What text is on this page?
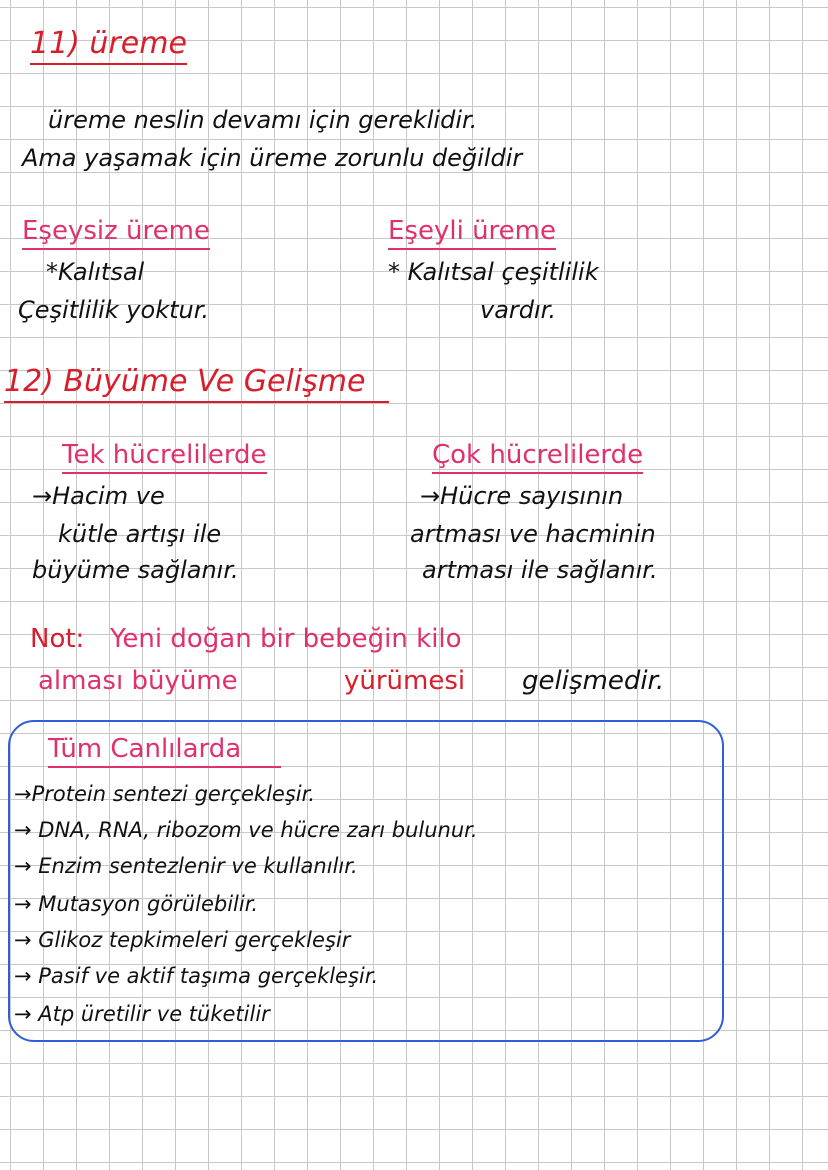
11) üreme
üreme neslin devamı için gereklidir.
Ama yaşamak için üreme zorunlu değildir
Eşeysiz üreme
*Kalıtsal
Çeşitlilik yoktur.
Eşeyli üreme
* Kalıtsal çeşitlilik
vardır.
12) Büyüme Ve Gelişme
Tek hücrelilerde
→Hacim ve
kütle artışı ile
büyüme sağlanır.
Çok hücrelilerde
→Hücre sayısının
artması ve hacminin
artması ile sağlanır.
Not: Yeni doğan bir bebeğin kilo
alması büyüme	yürümesi gelişmedir.
Tüm Canlılarda
→Protein sentezi gerçekleşir.
→ DNA, RNA, ribozom ve hücre zarı bulunur.
→ Enzim sentezlenir ve kullanılır.
→ Mutasyon görülebilir.
→ Glikoz tepkimeleri gerçekleşir
→ Pasif ve aktif taşıma gerçekleşir.
→ Atp üretilir ve tüketilir
